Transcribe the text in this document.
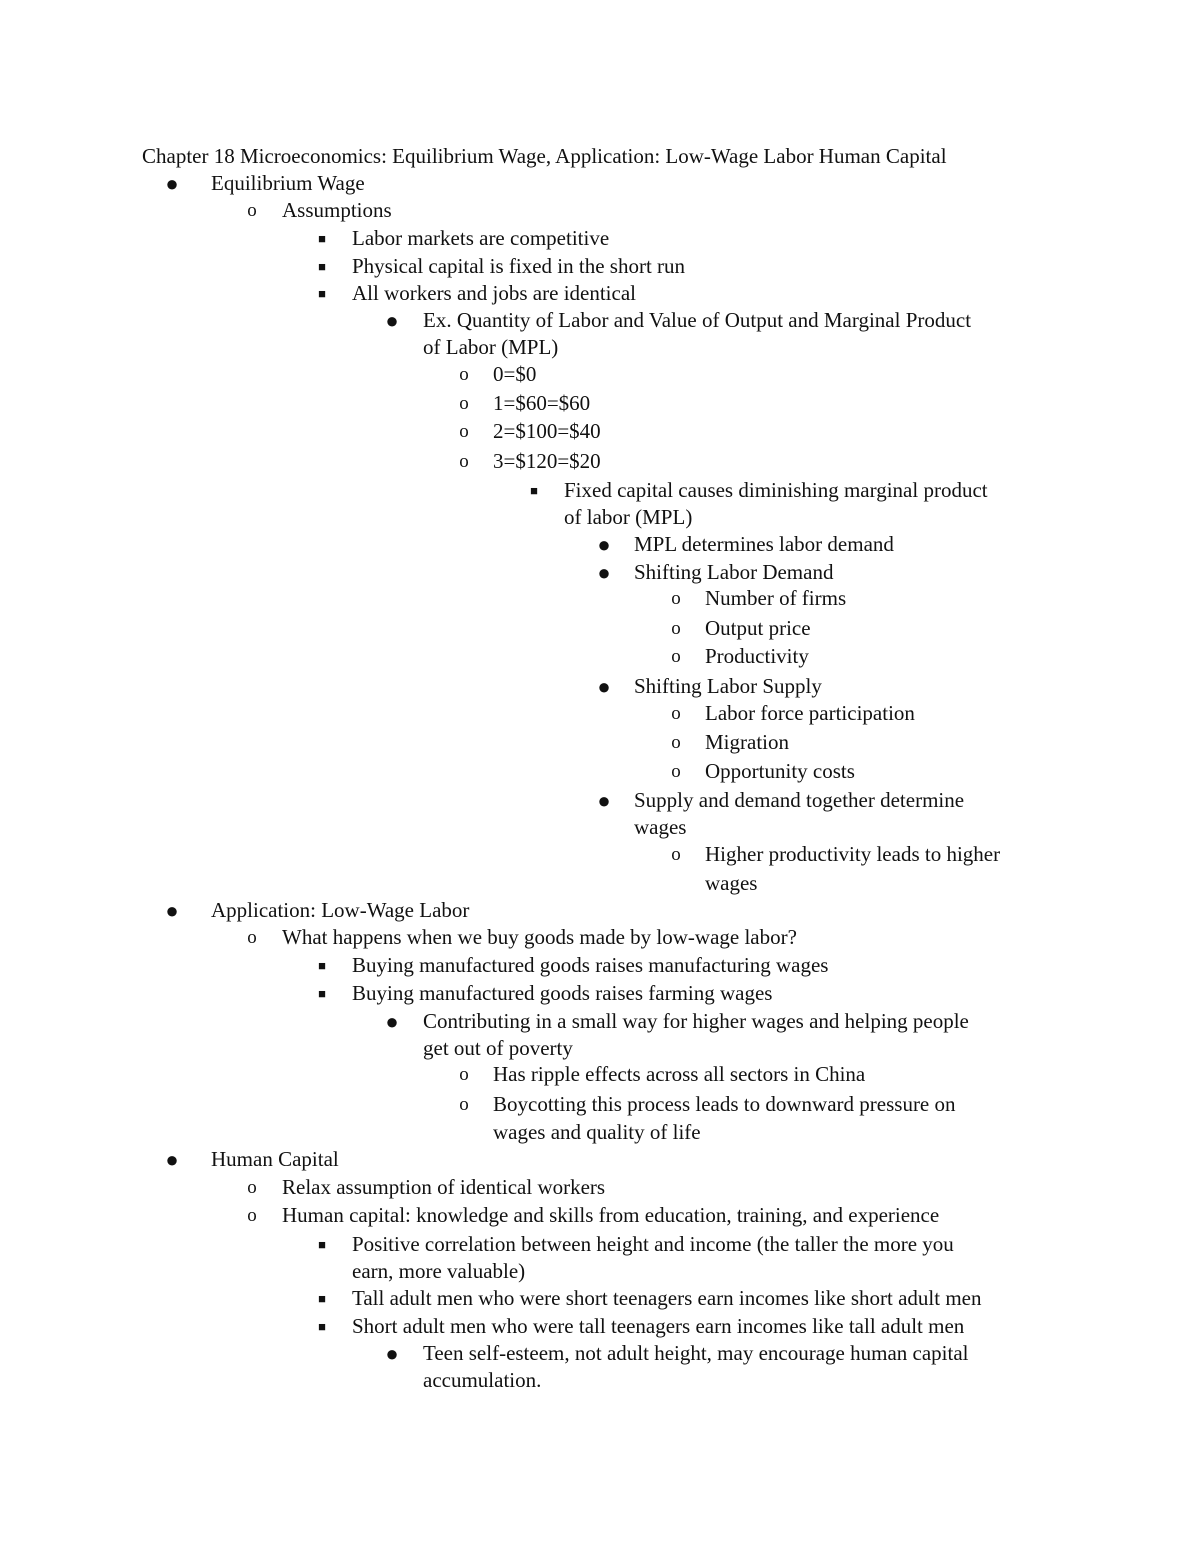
Chapter 18 Microeconomics: Equilibrium Wage, Application: Low-Wage Labor Human Capital
● Equilibrium Wage
o Assumptions
■ Labor markets are competitive
■ Physical capital is fixed in the short run
■ All workers and jobs are identical
● Ex. Quantity of Labor and Value of Output and Marginal Product
of Labor (MPL)
o 0=$0
o 1=$60=$60
o 2=$100=$40
o 3=$120=$20
■ Fixed capital causes diminishing marginal product
of labor (MPL)
● MPL determines labor demand
● Shifting Labor Demand
o Number of firms
o Output price
o Productivity
● Shifting Labor Supply
o Labor force participation
o Migration
o Opportunity costs
● Supply and demand together determine
wages
o Higher productivity leads to higher
wages
● Application: Low-Wage Labor
o What happens when we buy goods made by low-wage labor?
■ Buying manufactured goods raises manufacturing wages
■ Buying manufactured goods raises farming wages
● Contributing in a small way for higher wages and helping people
get out of poverty
o Has ripple effects across all sectors in China
o Boycotting this process leads to downward pressure on
wages and quality of life
● Human Capital
o Relax assumption of identical workers
o Human capital: knowledge and skills from education, training, and experience
■ Positive correlation between height and income (the taller the more you
earn, more valuable)
■ Tall adult men who were short teenagers earn incomes like short adult men
■ Short adult men who were tall teenagers earn incomes like tall adult men
● Teen self-esteem, not adult height, may encourage human capital
accumulation.
